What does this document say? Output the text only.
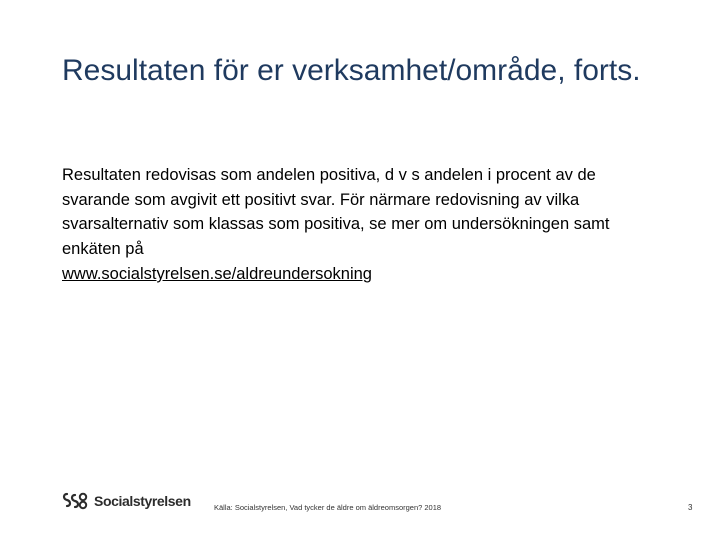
Resultaten för er verksamhet/område, forts.

Resultaten redovisas som andelen positiva, d v s andelen i procent av de svarande som avgivit ett positivt svar. För närmare redovisning av vilka svarsalternativ som klassas som positiva, se mer om undersökningen samt enkäten på

www.socialstyrelsen.se/aldreundersokning
Socialstyrelsen	Källa: Socialstyrelsen, Vad tycker de äldre om äldreomsorgen? 2018	3
